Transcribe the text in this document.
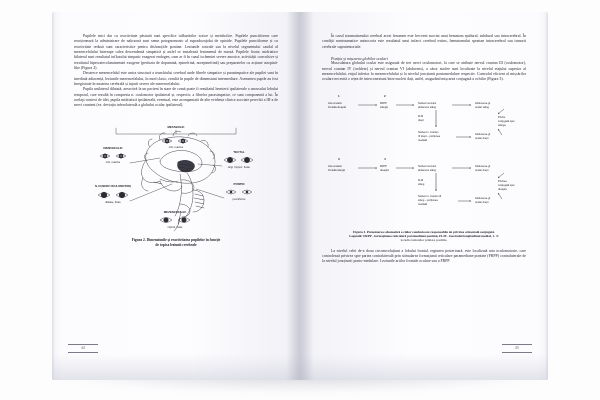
Pupilele mici dar cu reactivitate păstrată sunt specifice tulburărilor toxice și metabolice. Pupilele punctiforme care reacționează la administrare de naloxonă sunt semn patognomonic al supradozajului de opioide. Pupilele punctiforme și cu reactivitate redusă sunt caracteristice pentru disfuncțiile pontine. Leziunile rostrale sau la nivelul segmentului caudal al mezencefalului întrerupe calea descendentă simpatică și astfel se instalează fenomenul de mioză. Pupilele fixate, midriatice bilateral sunt rezultatul influxului simpatic exagerat endogen, cum ar fi în cazul ischemiei severe anoxice, activității convulsive și rezultatul hipercatecolaminemiei exogene (perfuzia de dopamină, epinefrină, norepinefrină) sau preparatelor cu acțiune atropină-like (Figura 2).

Deoarece mezencefalul este unica structură a trunchiului cerebral unde fibrele simpatice și parasimpatice ale pupilei sunt în imediată adiacență, leziunile mezencefalului, în mod clasic, rezultă în pupile de dimensiuni intermediare. Asemenea pupile au fost înregistrate în moartea cerebrală și injurii severe ale mezencefalului.

Pupila unilateral dilatată, areactivă la un pacient în stare de comă poate fi rezultatul hernierii ipsilaterale a uncusului lobului temporal, care rezultă în compresia n. oculomotor ipsilateral și, respectiv, a fibrelor parasimpatice, ce sunt componentă a lui. În acelaşi context de idei, pupila midriatică ipsilaterală, eventual, este acompaniată de alte evidențe clinice asociate perechii a III-a de nervi cranieni (ex. deviația inferolaterală a globului ocular ipsilateral).

METABOLIC
mici, reactive
DIENCEFALIC
mici, reactive
N. III (NERV OCULOMOTOR)
dilatate, fixate
TECTAL
largi, 'hippus', fixate
PONTIN
punctiforme
MEZENCEFALIC
mijlocii, fixate
Figura 2. Dimensiunile și reactivitatea pupilelor în funcție
de topica leziunii cerebrale
44

În cazul traumatismului cerebral acest fenomen este frecvent asociat unui hematom epidural, subdural sau intracerebral. În condiții nontraumatice anizocoria este rezultatul unui infarct cerebral extins, hematomului spontan intracerebral sau tumorii cerebrale supratentoriale.

Poziția și mișcarea globilor oculari

Musculatura globului ocular este asigurată de trei nervi oculomotori, la care se atribuie nervul cranian III (oculomotor), nervul cranian IV (trohlear) și nervul cranian VI (abducens), a căror nuclee sunt localizate la nivelul etajului superior al mezencefalului, etajul inferior la mezencefalului și la nivelul joncțiunii pontomedulare respectiv. Controlul eficient al mișcărilor oculare necesită o rețea de interconexiuni între nucleii dați, astfel, asigurând mișcarea conjugată a ochilor (Figura 3).

1	2
Aria oculară frontală dreaptă
FRPP stângă
Nucleul nervului abducens stâng
Abducerea gl. ocular stâng
FLM drept
Nucleul n. cranian III drept – porțiunea medială
Adducerea gl. ocular drept
Privire conjugată spre stânga
3	4
Aria oculară frontală stângă
FRPP dreaptă
Nucleul nervului abducens stâng
Abducerea gl. ocular drept
FLM stâng
Nucleul n. cranian III stâng – porțiunea medială
Adducerea gl. ocular drept
Privirea conjugată spre dreapta
Figura 3. Prezentarea schematică a căilor conductoare responsabile de privirea orizontală conjugată.
Legendă: FRPP - formațiunea reticulară paramediană pontină, FLM - fasciculul longitudinal medial, 1- 4:
locurile leziunilor primare posibile.

La nivelul celei de-a doua circumvoluțiuni a lobului frontal, regiunea posterioară, este localizată aria oculomotorie, care controlează privirea spre partea contralaterală prin stimularea formațiunii reticulare paramediane pontine (FRPP) contralaterale de la nivelul joncțiunii ponto-medulare. Leziunile ariilor frontale oculare sau a FRPP

45
